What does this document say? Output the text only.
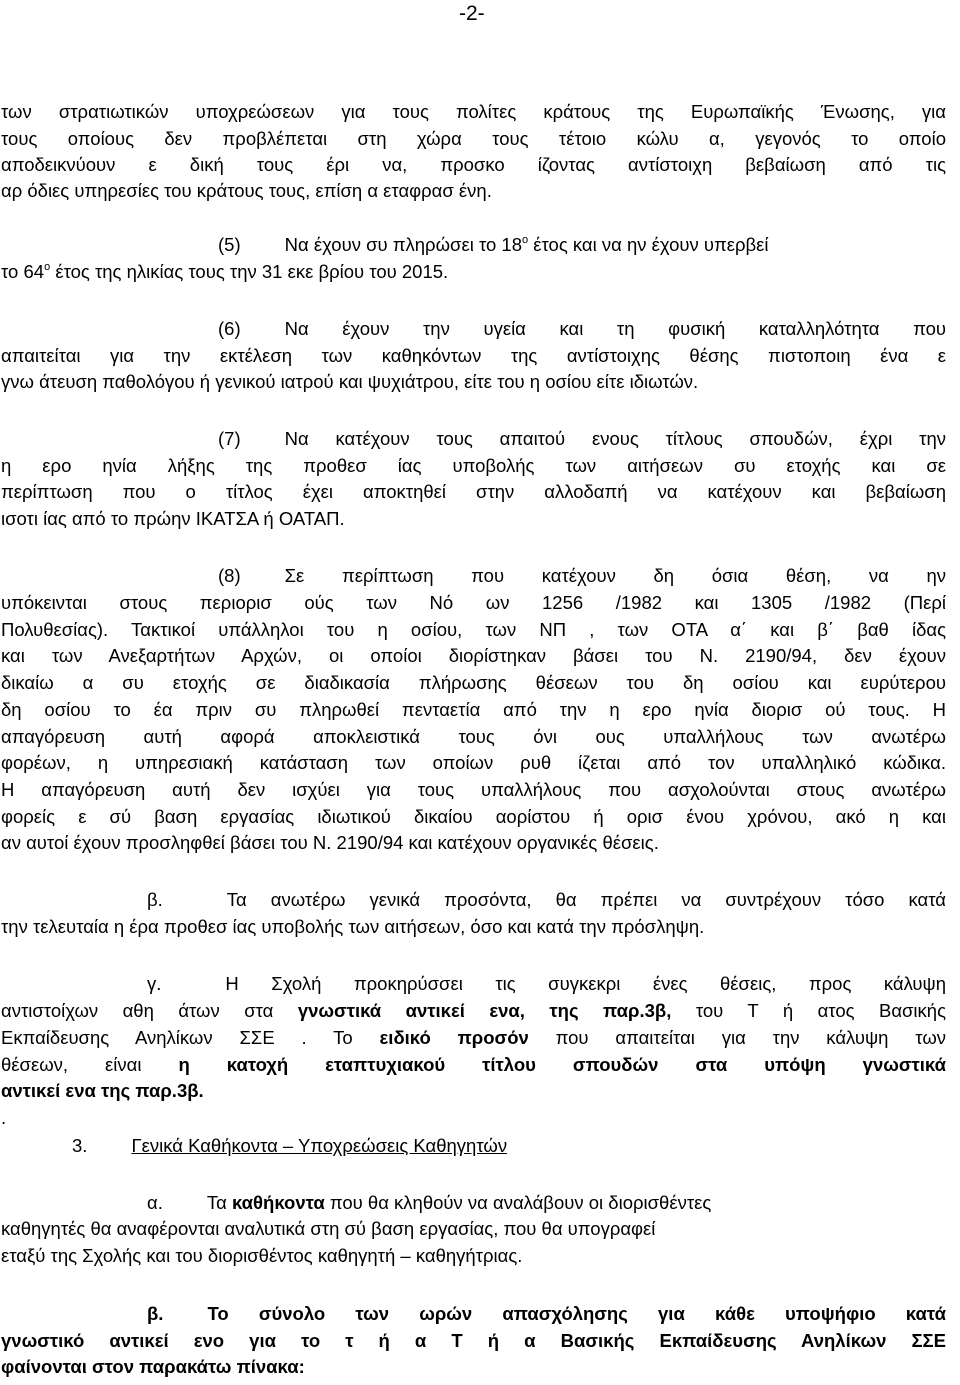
-2-
των στρατιωτικών υποχρεώσεων για τους πολίτες κράτους της Ευρωπαϊκής Ένωσης, για
τους οποίους δεν προβλέπεται στη χώρα τους τέτοιο κώλυ α, γεγονός το οποίο
αποδεικνύουν ε δική τους έρι να, προσκο ίζοντας αντίστοιχη βεβαίωση από τις
αρ όδιες υπηρεσίες του κράτους τους, επίση α εταφρασ ένη.
(5) Να έχουν συ πληρώσει το $18^o$ έτος και να ην έχουν υπερβεί
το $64^o$ έτος της ηλικίας τους την 31 εκε βρίου του 2015.
(6) Να έχουν την υγεία και τη φυσική καταλληλότητα που
απαιτείται για την εκτέλεση των καθηκόντων της αντίστοιχης θέσης πιστοποιη ένα ε
γνω άτευση παθολόγου ή γενικού ιατρού και ψυχιάτρου, είτε του η οσίου είτε ιδιωτών.
(7) Να κατέχουν τους απαιτού ενους τίτλους σπουδών, έχρι την
η ερο ηνία λήξης της προθεσ ίας υποβολής των αιτήσεων συ ετοχής και σε
περίπτωση που ο τίτλος έχει αποκτηθεί στην αλλοδαπή να κατέχουν και βεβαίωση
ισοτι ίας από το πρώην ΙΚΑΤΣΑ ή ΟΑΤΑΠ.
(8) Σε περίπτωση που κατέχουν δη όσια θέση, να ην
υπόκεινται στους περιορισ ούς των Νό ων 1256 /1982 και 1305 /1982 (Περί
Πολυθεσίας). Τακτικοί υπάλληλοι του η οσίου, των ΝΠ , των ΟΤΑ α΄ και β΄ βαθ ίδας
και των Ανεξαρτήτων Αρχών, οι οποίοι διορίστηκαν βάσει του Ν. 2190/94, δεν έχουν
δικαίω α συ ετοχής σε διαδικασία πλήρωσης θέσεων του δη οσίου και ευρύτερου
δη οσίου το έα πριν συ πληρωθεί πενταετία από την η ερο ηνία διορισ ού τους. Η
απαγόρευση αυτή αφορά αποκλειστικά τους όνι ους υπαλλήλους των ανωτέρω
φορέων, η υπηρεσιακή κατάσταση των οποίων ρυθ ίζεται από τον υπαλληλικό κώδικα.
Η απαγόρευση αυτή δεν ισχύει για τους υπαλλήλους που ασχολούνται στους ανωτέρω
φορείς ε σύ βαση εργασίας ιδιωτικού δικαίου αορίστου ή ορισ ένου χρόνου, ακό η και
αν αυτοί έχουν προσληφθεί βάσει του Ν. 2190/94 και κατέχουν οργανικές θέσεις.
β.	Τα ανωτέρω γενικά προσόντα, θα πρέπει να συντρέχουν τόσο κατά
την τελευταία η έρα προθεσ ίας υποβολής των αιτήσεων, όσο και κατά την πρόσληψη.
γ.	Η Σχολή προκηρύσσει τις συγκεκρι ένες θέσεις, προς κάλυψη
αντιστοίχων αθη άτων στα γνωστικά αντικεί ενα, της παρ.3β, του Τ ή ατος Βασικής
Εκπαίδευσης Ανηλίκων ΣΣΕ . Το ειδικό προσόν που απαιτείται για την κάλυψη των
θέσεων, είναι η κατοχή εταπτυχιακού τίτλου σπουδών στα υπόψη γνωστικά
αντικεί ενα της παρ.3β.
.
3. Γενικά Καθήκοντα – Υποχρεώσεις Καθηγητών
α. Τα καθήκοντα που θα κληθούν να αναλάβουν οι διορισθέντες
καθηγητές θα αναφέρονται αναλυτικά στη σύ βαση εργασίας, που θα υπογραφεί
εταξύ της Σχολής και του διορισθέντος καθηγητή – καθηγήτριας.
β. Το σύνολο των ωρών απασχόλησης για κάθε υποψήφιο κατά
γνωστικό αντικεί ενο για το τ ή α Τ ή α Βασικής Εκπαίδευσης Ανηλίκων ΣΣΕ
φαίνονται στον παρακάτω πίνακα:
